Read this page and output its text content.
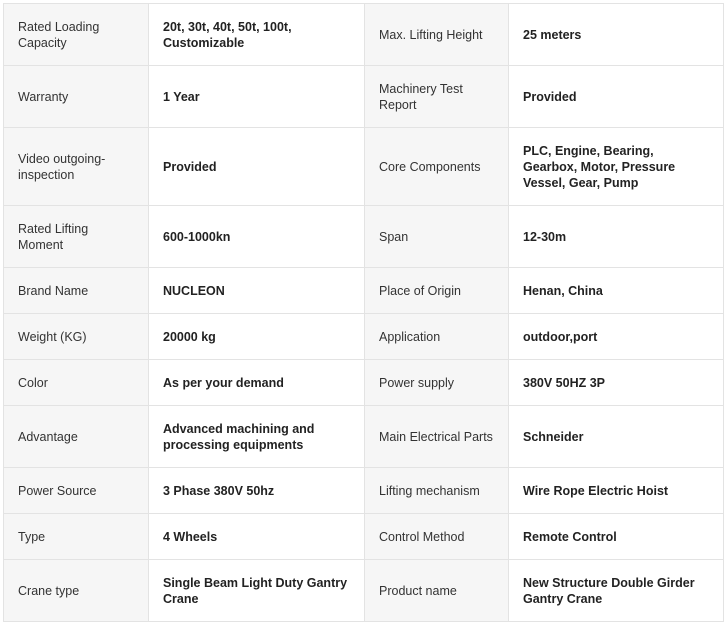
Rated Loading Capacity	20t, 30t, 40t, 50t, 100t, Customizable	Max. Lifting Height	25 meters
Warranty	1 Year	Machinery Test Report	Provided
Video outgoing-inspection	Provided	Core Components	PLC, Engine, Bearing, Gearbox, Motor, Pressure Vessel, Gear, Pump
Rated Lifting Moment	600-1000kn	Span	12-30m
Brand Name	NUCLEON	Place of Origin	Henan, China
Weight (KG)	20000 kg	Application	outdoor,port
Color	As per your demand	Power supply	380V 50HZ 3P
Advantage	Advanced machining and processing equipments	Main Electrical Parts	Schneider
Power Source	3 Phase 380V 50hz	Lifting mechanism	Wire Rope Electric Hoist
Type	4 Wheels	Control Method	Remote Control
Crane type	Single Beam Light Duty Gantry Crane	Product name	New Structure Double Girder Gantry Crane
